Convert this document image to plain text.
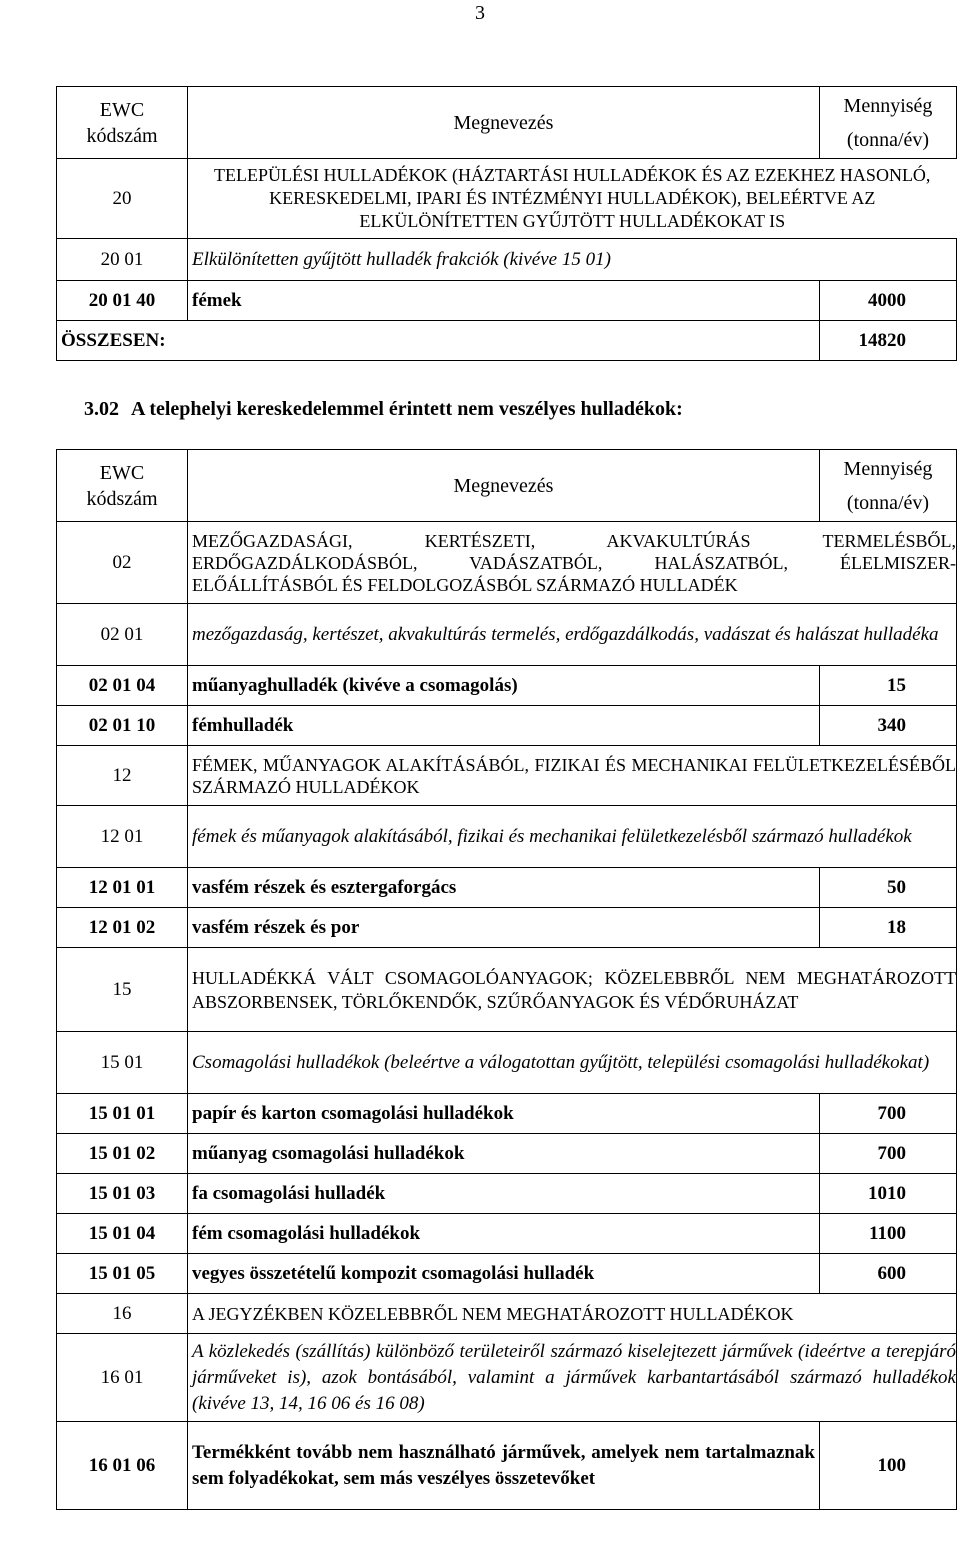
3
EWC kódszám	Megnevezés	Mennyiség
(tonna/év)

20	TELEPÜLÉSI HULLADÉKOK (HÁZTARTÁSI HULLADÉKOK ÉS AZ EZEKHEZ HASONLÓ, KERESKEDELMI, IPARI ÉS INTÉZMÉNYI HULLADÉKOK), BELEÉRTVE AZ ELKÜLÖNÍTETTEN GYŰJTÖTT HULLADÉKOKAT IS	
20 01	Elkülönítetten gyűjtött hulladék frakciók (kivéve 15 01)	
20 01 40	fémek	4000
ÖSSZESEN:		14820
3.02 A telephelyi kereskedelemmel érintett nem veszélyes hulladékok:
EWC kódszám	Megnevezés	Mennyiség
(tonna/év)

02	MEZŐGAZDASÁGI, KERTÉSZETI, AKVAKULTÚRÁS TERMELÉSBŐL, ERDŐGAZDÁLKODÁSBÓL, VADÁSZATBÓL, HALÁSZATBÓL, ÉLELMISZER-ELŐÁLLÍTÁSBÓL ÉS FELDOLGOZÁSBÓL SZÁRMAZÓ HULLADÉK	
02 01	mezőgazdaság, kertészet, akvakultúrás termelés, erdőgazdálkodás, vadászat és halászat hulladéka	
02 01 04	műanyaghulladék (kivéve a csomagolás)	15
02 01 10	fémhulladék	340
12	FÉMEK, MŰANYAGOK ALAKÍTÁSÁBÓL, FIZIKAI ÉS MECHANIKAI FELÜLETKEZELÉSÉBŐL SZÁRMAZÓ HULLADÉKOK	
12 01	fémek és műanyagok alakításából, fizikai és mechanikai felületkezelésből származó hulladékok	
12 01 01	vasfém részek és esztergaforgács	50
12 01 02	vasfém részek és por	18
15	HULLADÉKKÁ VÁLT CSOMAGOLÓANYAGOK; KÖZELEBBRŐL NEM MEGHATÁROZOTT ABSZORBENSEK, TÖRLŐKENDŐK, SZŰRŐANYAGOK ÉS VÉDŐRUHÁZAT	
15 01	Csomagolási hulladékok (beleértve a válogatottan gyűjtött, települési csomagolási hulladékokat)	
15 01 01	papír és karton csomagolási hulladékok	700
15 01 02	műanyag csomagolási hulladékok	700
15 01 03	fa csomagolási hulladék	1010
15 01 04	fém csomagolási hulladékok	1100
15 01 05	vegyes összetételű kompozit csomagolási hulladék	600
16	A JEGYZÉKBEN KÖZELEBBRŐL NEM MEGHATÁROZOTT HULLADÉKOK	
16 01	A közlekedés (szállítás) különböző területeiről származó kiselejtezett járművek (ideértve a terepjáró járműveket is), azok bontásából, valamint a járművek karbantartásából származó hulladékok (kivéve 13, 14, 16 06 és 16 08)	
16 01 06	Termékként tovább nem használható járművek, amelyek nem tartalmaznak sem folyadékokat, sem más veszélyes összetevőket	100
